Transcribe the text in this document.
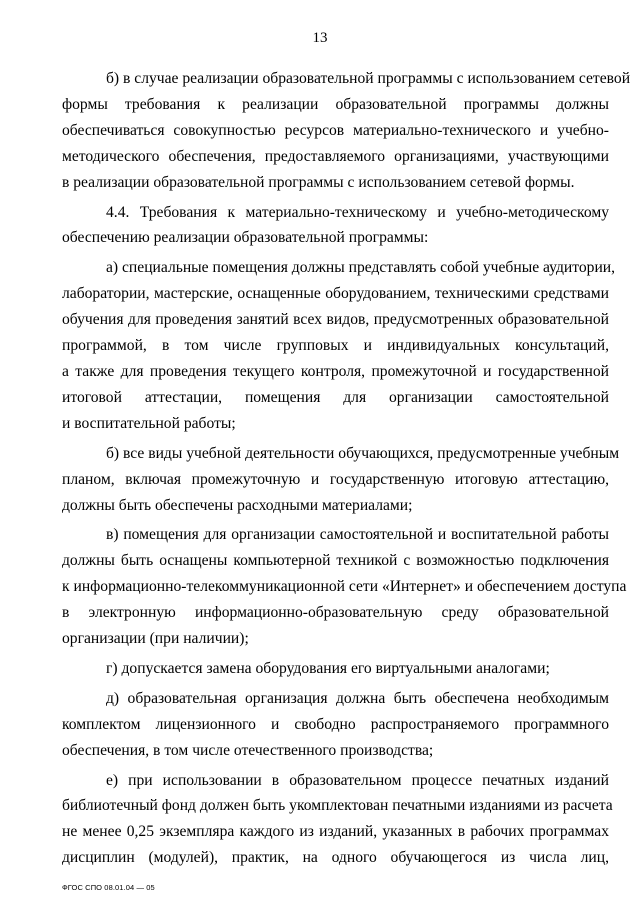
13

б) в случае реализации образовательной программы с использованием сетевой
формы требования к реализации образовательной программы должны
обеспечиваться совокупностью ресурсов материально-технического и учебно-
методического обеспечения, предоставляемого организациями, участвующими
в реализации образовательной программы с использованием сетевой формы.

4.4. Требования к материально-техническому и учебно-методическому
обеспечению реализации образовательной программы:

а) специальные помещения должны представлять собой учебные аудитории,
лаборатории, мастерские, оснащенные оборудованием, техническими средствами
обучения для проведения занятий всех видов, предусмотренных образовательной
программой, в том числе групповых и индивидуальных консультаций,
а также для проведения текущего контроля, промежуточной и государственной
итоговой аттестации, помещения для организации самостоятельной
и воспитательной работы;

б) все виды учебной деятельности обучающихся, предусмотренные учебным
планом, включая промежуточную и государственную итоговую аттестацию,
должны быть обеспечены расходными материалами;

в) помещения для организации самостоятельной и воспитательной работы
должны быть оснащены компьютерной техникой с возможностью подключения
к информационно-телекоммуникационной сети «Интернет» и обеспечением доступа
в электронную информационно-образовательную среду образовательной
организации (при наличии);

г) допускается замена оборудования его виртуальными аналогами;

д) образовательная организация должна быть обеспечена необходимым
комплектом лицензионного и свободно распространяемого программного
обеспечения, в том числе отечественного производства;

е) при использовании в образовательном процессе печатных изданий
библиотечный фонд должен быть укомплектован печатными изданиями из расчета
не менее 0,25 экземпляра каждого из изданий, указанных в рабочих программах
дисциплин (модулей), практик, на одного обучающегося из числа лиц,

ФГОС СПО 08.01.04 — 05
